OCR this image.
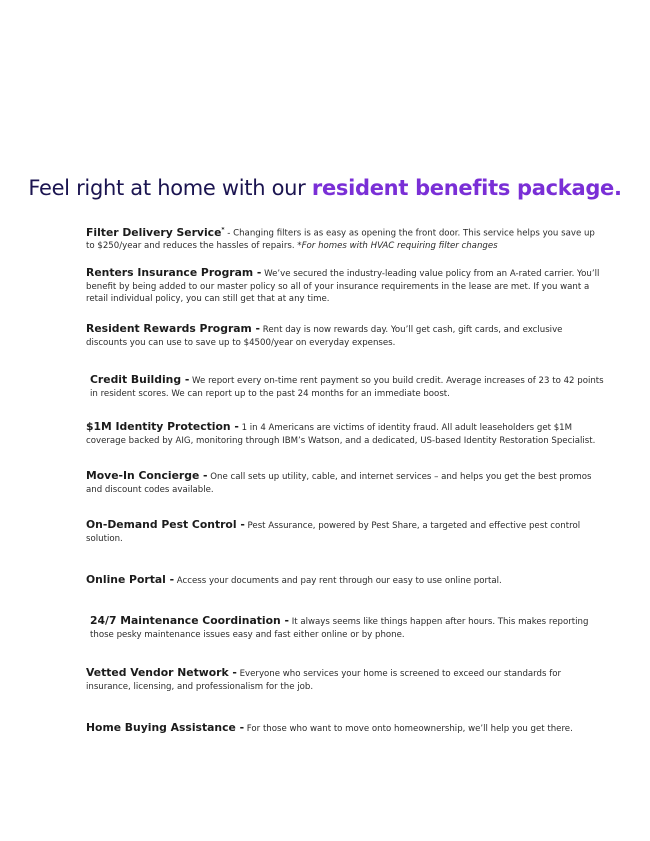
Feel right at home with our resident benefits package.
Filter Delivery Service* - Changing filters is as easy as opening the front door. This service helps you save up to $250/year and reduces the hassles of repairs. *For homes with HVAC requiring filter changes
Renters Insurance Program - We’ve secured the industry-leading value policy from an A-rated carrier. You’ll benefit by being added to our master policy so all of your insurance requirements in the lease are met. If you want a retail individual policy, you can still get that at any time.
Resident Rewards Program - Rent day is now rewards day. You’ll get cash, gift cards, and exclusive discounts you can use to save up to $4500/year on everyday expenses.
Credit Building - We report every on-time rent payment so you build credit. Average increases of 23 to 42 points in resident scores. We can report up to the past 24 months for an immediate boost.
$1M Identity Protection - 1 in 4 Americans are victims of identity fraud. All adult leaseholders get $1M coverage backed by AIG, monitoring through IBM’s Watson, and a dedicated, US-based Identity Restoration Specialist.
Move-In Concierge - One call sets up utility, cable, and internet services – and helps you get the best promos and discount codes available.
On-Demand Pest Control - Pest Assurance, powered by Pest Share, a targeted and effective pest control solution.
Online Portal - Access your documents and pay rent through our easy to use online portal.
24/7 Maintenance Coordination - It always seems like things happen after hours. This makes reporting those pesky maintenance issues easy and fast either online or by phone.
Vetted Vendor Network - Everyone who services your home is screened to exceed our standards for insurance, licensing, and professionalism for the job.
Home Buying Assistance - For those who want to move onto homeownership, we’ll help you get there.
